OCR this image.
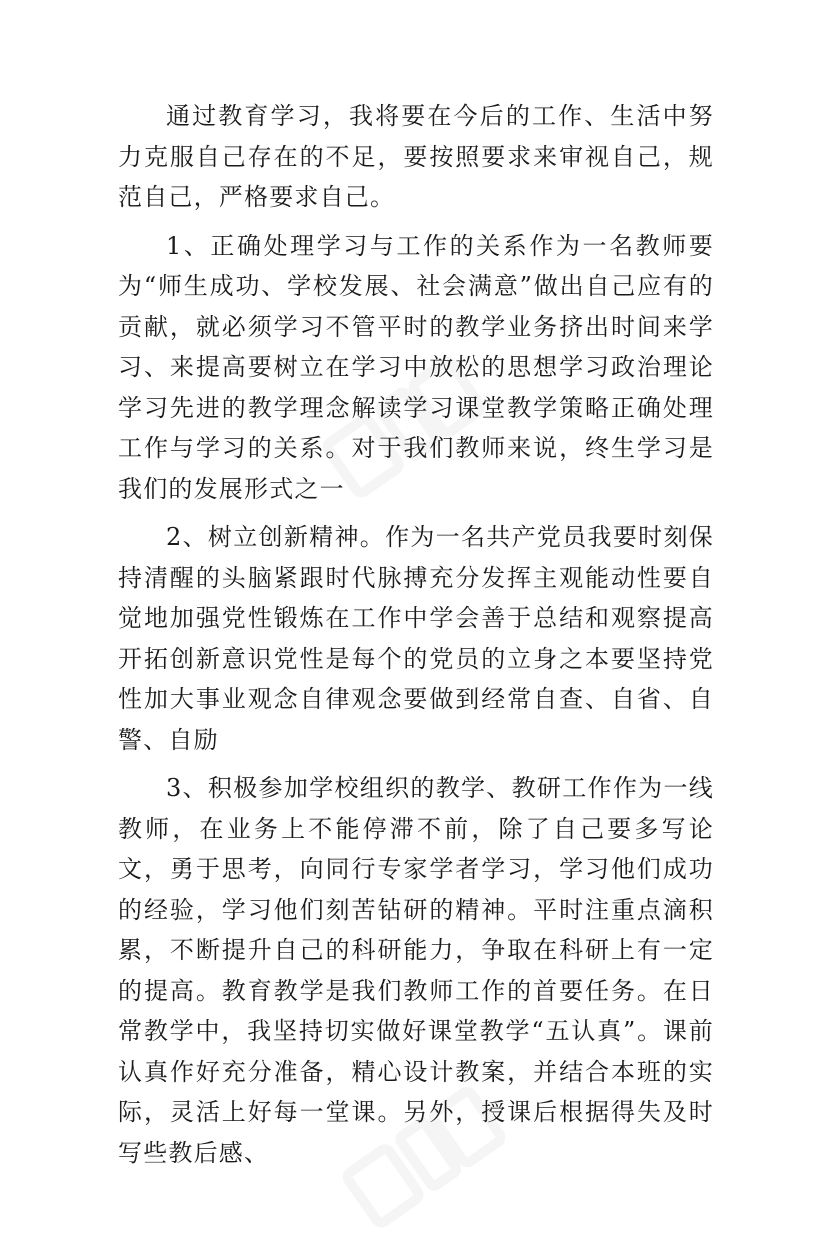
通过教育学习，我将要在今后的工作、生活中努力克服自己存在的不足，要按照要求来审视自己，规范自己，严格要求自己。

1、正确处理学习与工作的关系作为一名教师要为“师生成功、学校发展、社会满意”做出自己应有的贡献，就必须学习不管平时的教学业务挤出时间来学习、来提高要树立在学习中放松的思想学习政治理论学习先进的教学理念解读学习课堂教学策略正确处理工作与学习的关系。对于我们教师来说，终生学习是我们的发展形式之一

2、树立创新精神。作为一名共产党员我要时刻保持清醒的头脑紧跟时代脉搏充分发挥主观能动性要自觉地加强党性锻炼在工作中学会善于总结和观察提高开拓创新意识党性是每个的党员的立身之本要坚持党性加大事业观念自律观念要做到经常自查、自省、自警、自励

3、积极参加学校组织的教学、教研工作作为一线教师，在业务上不能停滞不前，除了自己要多写论文，勇于思考，向同行专家学者学习，学习他们成功的经验，学习他们刻苦钻研的精神。平时注重点滴积累，不断提升自己的科研能力，争取在科研上有一定的提高。教育教学是我们教师工作的首要任务。在日常教学中，我坚持切实做好课堂教学“五认真”。课前认真作好充分准备，精心设计教案，并结合本班的实际，灵活上好每一堂课。另外，授课后根据得失及时写些教后感、
